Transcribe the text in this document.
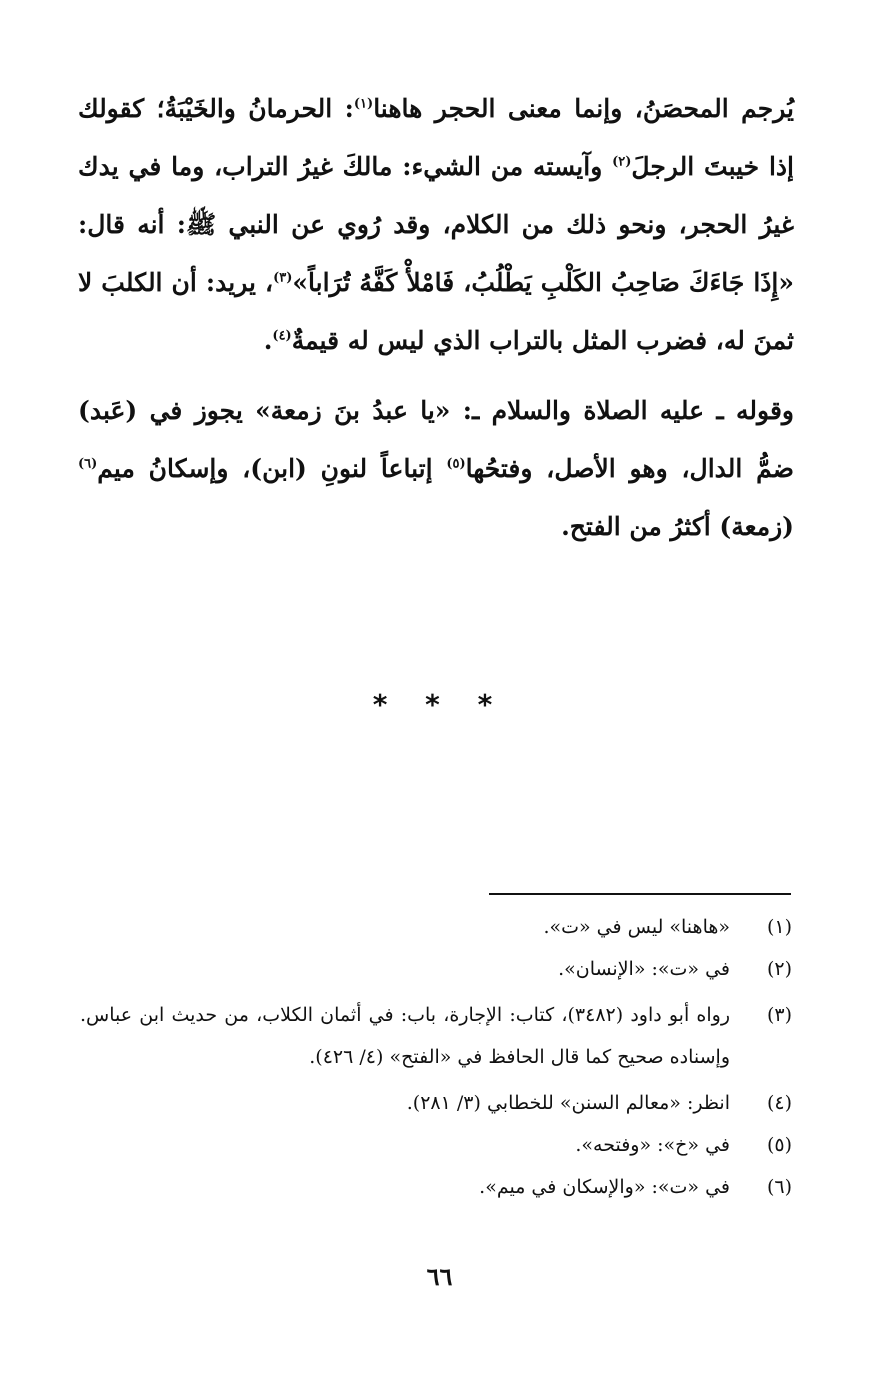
يُرجم المحصَنُ، وإنما معنى الحجر هاهنا$^{(١)}$: الحرمانُ والخَيْبَةُ؛ كقولك إذا خيبتَ الرجلَ$^{(٢)}$ وآيسته من الشيء: مالكَ غيرُ التراب، وما في يدك غيرُ الحجر، ونحو ذلك من الكلام، وقد رُوي عن النبي ﷺ: أنه قال: «إِذَا جَاءَكَ صَاحِبُ الكَلْبِ يَطْلُبُ، فَامْلأْ كَفَّهُ تُرَاباً»$^{(٣)}$، يريد: أن الكلبَ لا ثمنَ له، فضرب المثل بالتراب الذي ليس له قيمةٌ$^{(٤)}$.

وقوله ـ عليه الصلاة والسلام ـ: «يا عبدُ بنَ زمعة» يجوز في (عَبد) ضمُّ الدال، وهو الأصل، وفتحُها$^{(٥)}$ إتباعاً لنونِ (ابن)، وإسكانُ ميم$^{(٦)}$ (زمعة) أكثرُ من الفتح.

* * *
(١)
«هاهنا» ليس في «ت».
(٢)
في «ت»: «الإنسان».
(٣)
رواه أبو داود (٣٤٨٢)، كتاب: الإجارة، باب: في أثمان الكلاب، من حديث ابن عباس. وإسناده صحيح كما قال الحافظ في «الفتح» (٤/ ٤٢٦).
(٤)
انظر: «معالم السنن» للخطابي (٣/ ٢٨١).
(٥)
في «خ»: «وفتحه».
(٦)
في «ت»: «والإسكان في ميم».
٦٦
